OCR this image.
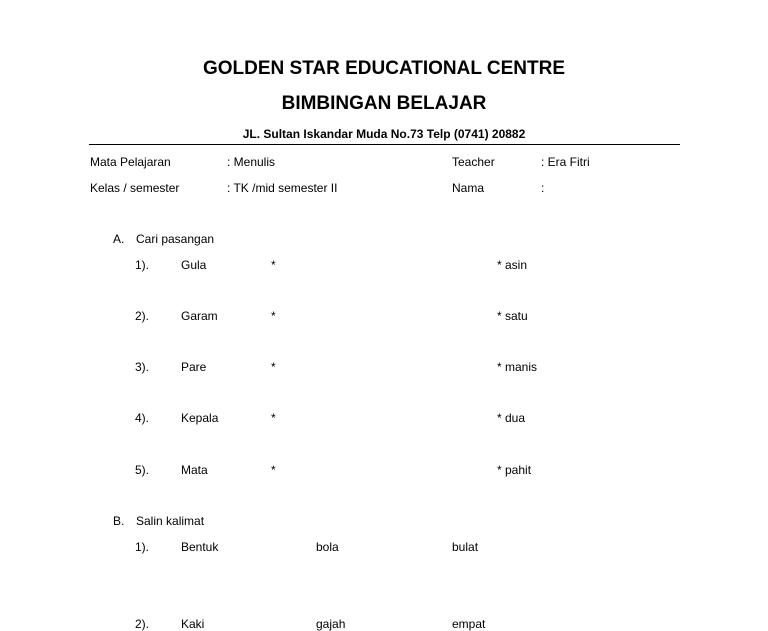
GOLDEN STAR EDUCATIONAL CENTRE
BIMBINGAN BELAJAR
JL. Sultan Iskandar Muda No.73 Telp (0741) 20882
Mata Pelajaran	: Menulis	Teacher	: Era Fitri
Kelas / semester	: TK /mid semester II	Nama	:
A. Cari pasangan
1).	Gula	*	* asin
2).	Garam	*	* satu
3).	Pare	*	* manis
4).	Kepala	*	* dua
5).	Mata	*	* pahit
B. Salin kalimat
1).	Bentuk	bola	bulat
2).	Kaki	gajah	empat
